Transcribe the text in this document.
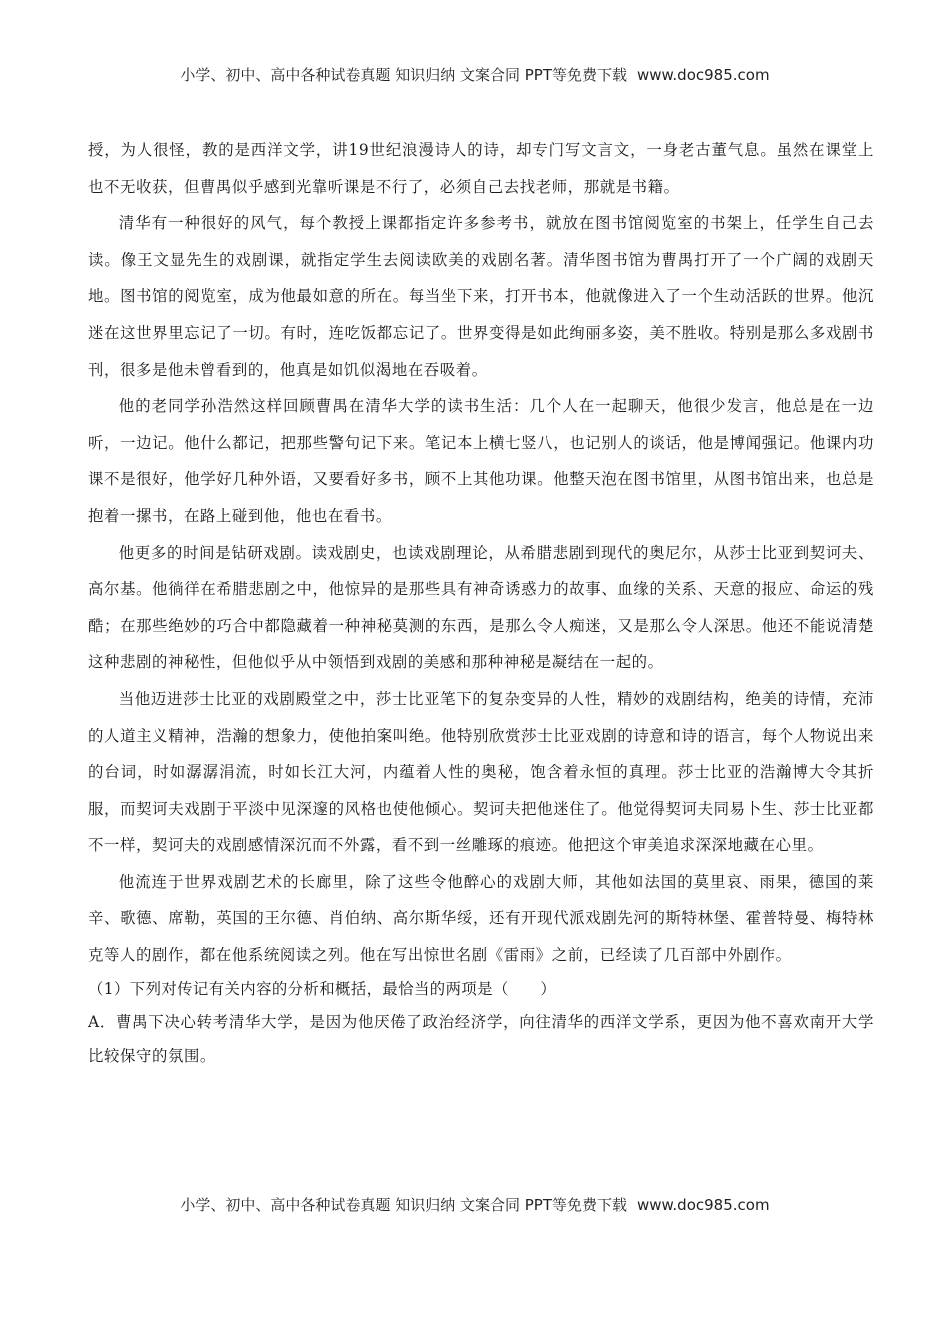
小学、初中、高中各种试卷真题 知识归纳 文案合同 PPT等免费下载 www.doc985.com

授，为人很怪，教的是西洋文学，讲19世纪浪漫诗人的诗，却专门写文言文，一身老古董气息。虽然在课堂上也不无收获，但曹禺似乎感到光靠听课是不行了，必须自己去找老师，那就是书籍。

清华有一种很好的风气，每个教授上课都指定许多参考书，就放在图书馆阅览室的书架上，任学生自己去读。像王文显先生的戏剧课，就指定学生去阅读欧美的戏剧名著。清华图书馆为曹禺打开了一个广阔的戏剧天地。图书馆的阅览室，成为他最如意的所在。每当坐下来，打开书本，他就像进入了一个生动活跃的世界。他沉迷在这世界里忘记了一切。有时，连吃饭都忘记了。世界变得是如此绚丽多姿，美不胜收。特别是那么多戏剧书刊，很多是他未曾看到的，他真是如饥似渴地在吞吸着。

他的老同学孙浩然这样回顾曹禺在清华大学的读书生活：几个人在一起聊天，他很少发言，他总是在一边听，一边记。他什么都记，把那些警句记下来。笔记本上横七竖八，也记别人的谈话，他是博闻强记。他课内功课不是很好，他学好几种外语，又要看好多书，顾不上其他功课。他整天泡在图书馆里，从图书馆出来，也总是抱着一摞书，在路上碰到他，他也在看书。

他更多的时间是钻研戏剧。读戏剧史，也读戏剧理论，从希腊悲剧到现代的奥尼尔，从莎士比亚到契诃夫、高尔基。他徜徉在希腊悲剧之中，他惊异的是那些具有神奇诱惑力的故事、血缘的关系、天意的报应、命运的残酷；在那些绝妙的巧合中都隐藏着一种神秘莫测的东西，是那么令人痴迷，又是那么令人深思。他还不能说清楚这种悲剧的神秘性，但他似乎从中领悟到戏剧的美感和那种神秘是凝结在一起的。

当他迈进莎士比亚的戏剧殿堂之中，莎士比亚笔下的复杂变异的人性，精妙的戏剧结构，绝美的诗情，充沛的人道主义精神，浩瀚的想象力，使他拍案叫绝。他特别欣赏莎士比亚戏剧的诗意和诗的语言，每个人物说出来的台词，时如潺潺涓流，时如长江大河，内蕴着人性的奥秘，饱含着永恒的真理。莎士比亚的浩瀚博大令其折服，而契诃夫戏剧于平淡中见深邃的风格也使他倾心。契诃夫把他迷住了。他觉得契诃夫同易卜生、莎士比亚都不一样，契诃夫的戏剧感情深沉而不外露，看不到一丝雕琢的痕迹。他把这个审美追求深深地藏在心里。

他流连于世界戏剧艺术的长廊里，除了这些令他醉心的戏剧大师，其他如法国的莫里哀、雨果，德国的莱辛、歌德、席勒，英国的王尔德、肖伯纳、高尔斯华绥，还有开现代派戏剧先河的斯特林堡、霍普特曼、梅特林克等人的剧作，都在他系统阅读之列。他在写出惊世名剧《雷雨》之前，已经读了几百部中外剧作。

（1）下列对传记有关内容的分析和概括，最恰当的两项是（　　）

A．曹禺下决心转考清华大学，是因为他厌倦了政治经济学，向往清华的西洋文学系，更因为他不喜欢南开大学比较保守的氛围。

小学、初中、高中各种试卷真题 知识归纳 文案合同 PPT等免费下载 www.doc985.com
